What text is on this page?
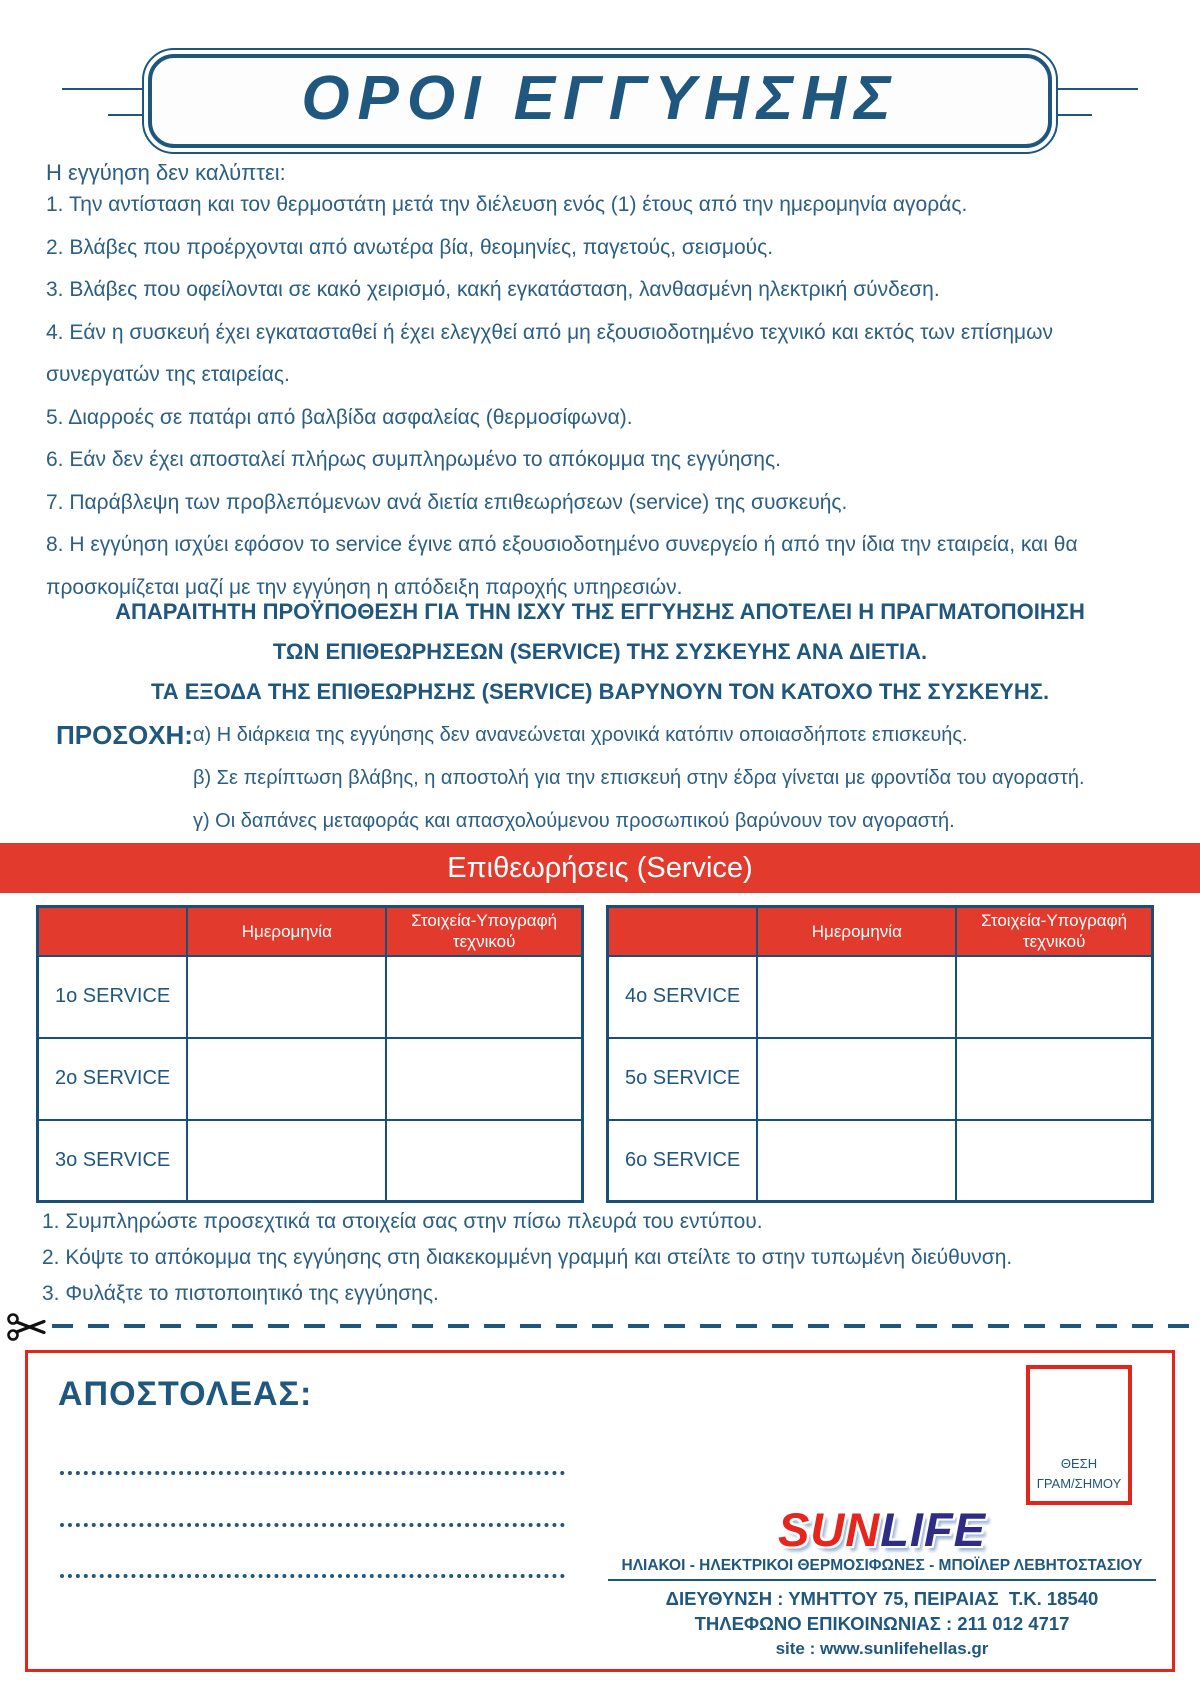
ΟΡΟΙ ΕΓΓΥΗΣΗΣ
Η εγγύηση δεν καλύπτει:
1. Την αντίσταση και τον θερμοστάτη μετά την διέλευση ενός (1) έτους από την ημερομηνία αγοράς.
2. Βλάβες που προέρχονται από ανωτέρα βία, θεομηνίες, παγετούς, σεισμούς.
3. Βλάβες που οφείλονται σε κακό χειρισμό, κακή εγκατάσταση, λανθασμένη ηλεκτρική σύνδεση.
4. Εάν η συσκευή έχει εγκατασταθεί ή έχει ελεγχθεί από μη εξουσιοδοτημένο τεχνικό και εκτός των επίσημων συνεργατών της εταιρείας.
5. Διαρροές σε πατάρι από βαλβίδα ασφαλείας (θερμοσίφωνα).
6. Εάν δεν έχει αποσταλεί πλήρως συμπληρωμένο το απόκομμα της εγγύησης.
7. Παράβλεψη των προβλεπόμενων ανά διετία επιθεωρήσεων (service) της συσκευής.
8. Η εγγύηση ισχύει εφόσον το service έγινε από εξουσιοδοτημένο συνεργείο ή από την ίδια την εταιρεία, και θα προσκομίζεται μαζί με την εγγύηση η απόδειξη παροχής υπηρεσιών.
ΑΠΑΡΑΙΤΗΤΗ ΠΡΟΫΠΟΘΕΣΗ ΓΙΑ ΤΗΝ ΙΣΧΥ ΤΗΣ ΕΓΓΥΗΣΗΣ ΑΠΟΤΕΛΕΙ Η ΠΡΑΓΜΑΤΟΠΟΙΗΣΗ
ΤΩΝ ΕΠΙΘΕΩΡΗΣΕΩΝ (SERVICE) ΤΗΣ ΣΥΣΚΕΥΗΣ ΑΝΑ ΔΙΕΤΙΑ.
ΤΑ ΕΞΟΔΑ ΤΗΣ ΕΠΙΘΕΩΡΗΣΗΣ (SERVICE) ΒΑΡΥΝΟΥΝ ΤΟΝ ΚΑΤΟΧΟ ΤΗΣ ΣΥΣΚΕΥΗΣ.
ΠΡΟΣΟΧΗ: α) Η διάρκεια της εγγύησης δεν ανανεώνεται χρονικά κατόπιν οποιασδήποτε επισκευής.
β) Σε περίπτωση βλάβης, η αποστολή για την επισκευή στην έδρα γίνεται με φροντίδα του αγοραστή.
γ) Οι δαπάνες μεταφοράς και απασχολούμενου προσωπικού βαρύνουν τον αγοραστή.
Επιθεωρήσεις (Service)
	Ημερομηνία	Στοιχεία-Υπογραφή τεχνικού
1ο SERVICE		
2ο SERVICE		
3ο SERVICE		
	Ημερομηνία	Στοιχεία-Υπογραφή τεχνικού
4ο SERVICE		
5ο SERVICE		
6ο SERVICE		
1. Συμπληρώστε προσεχτικά τα στοιχεία σας στην πίσω πλευρά του εντύπου.
2. Κόψτε το απόκομμα της εγγύησης στη διακεκομμένη γραμμή και στείλτε το στην τυπωμένη διεύθυνση.
3. Φυλάξτε το πιστοποιητικό της εγγύησης.
ΑΠΟΣΤΟΛΕΑΣ:
ΘΕΣΗ
ΓΡΑΜ/ΣΗΜΟΥ
SUNLIFE
ΗΛΙΑΚΟΙ - ΗΛΕΚΤΡΙΚΟΙ ΘΕΡΜΟΣΙΦΩΝΕΣ - ΜΠΟΪΛΕΡ ΛΕΒΗΤΟΣΤΑΣΙΟΥ
ΔΙΕΥΘΥΝΣΗ : ΥΜΗΤΤΟΥ 75, ΠΕΙΡΑΙΑΣ  Τ.Κ. 18540
ΤΗΛΕΦΩΝΟ ΕΠΙΚΟΙΝΩΝΙΑΣ : 211 012 4717
site : www.sunlifehellas.gr
